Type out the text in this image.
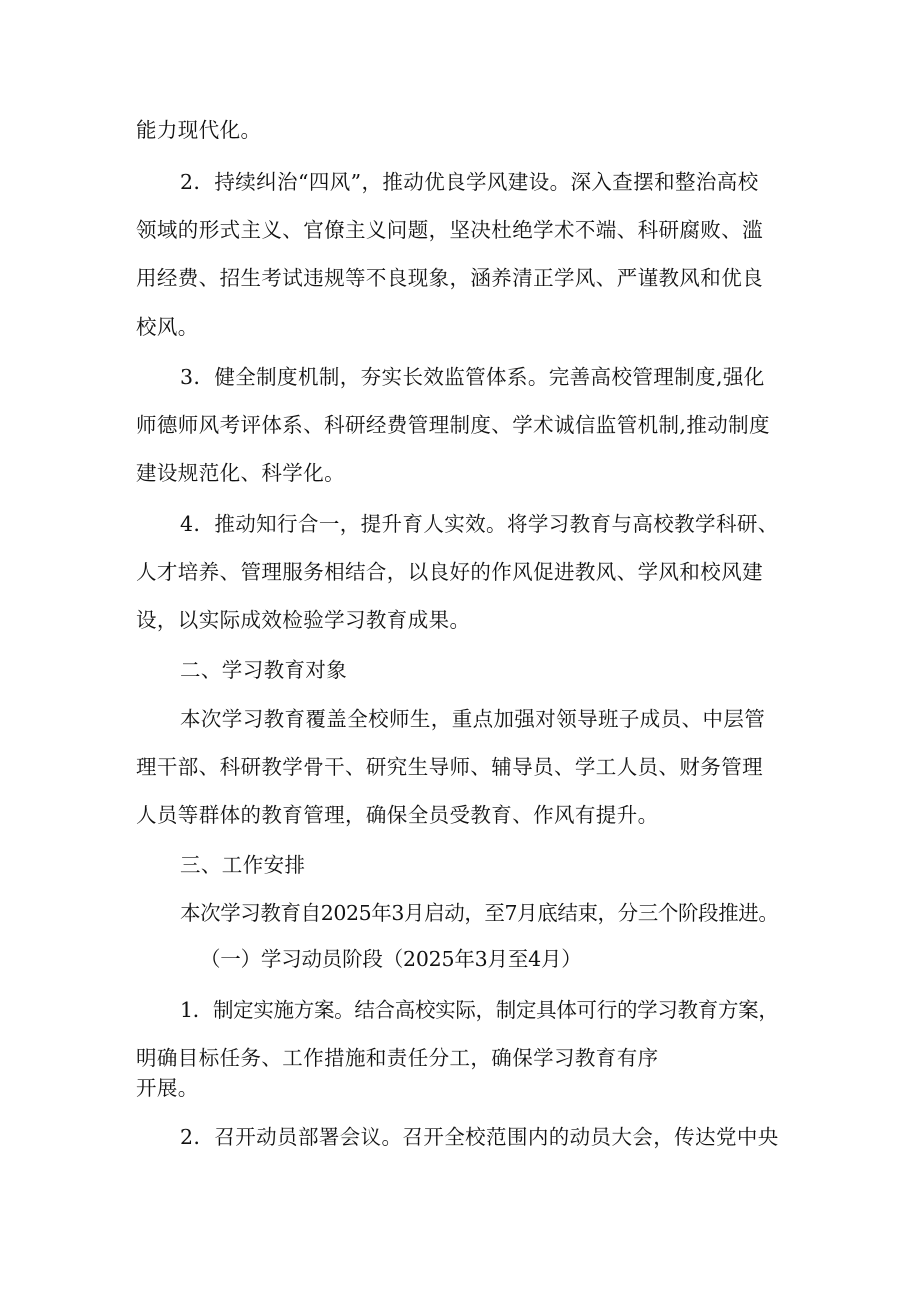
能力现代化。
2．持续纠治“四风”，推动优良学风建设。深入查摆和整治高校
领域的形式主义、官僚主义问题，坚决杜绝学术不端、科研腐败、滥
用经费、招生考试违规等不良现象，涵养清正学风、严谨教风和优良
校风。
3．健全制度机制，夯实长效监管体系。完善高校管理制度,强化
师德师风考评体系、科研经费管理制度、学术诚信监管机制,推动制度
建设规范化、科学化。
4．推动知行合一，提升育人实效。将学习教育与高校教学科研、
人才培养、管理服务相结合，以良好的作风促进教风、学风和校风建
设，以实际成效检验学习教育成果。
二、学习教育对象
本次学习教育覆盖全校师生，重点加强对领导班子成员、中层管
理干部、科研教学骨干、研究生导师、辅导员、学工人员、财务管理
人员等群体的教育管理，确保全员受教育、作风有提升。
三、工作安排
本次学习教育自2025年3月启动，至7月底结束，分三个阶段推进。
（一）学习动员阶段（2025年3月至4月）
1．制定实施方案。结合高校实际，制定具体可行的学习教育方案，
明确目标任务、工作措施和责任分工，确保学习教育有序
开展。
2．召开动员部署会议。召开全校范围内的动员大会，传达党中央
